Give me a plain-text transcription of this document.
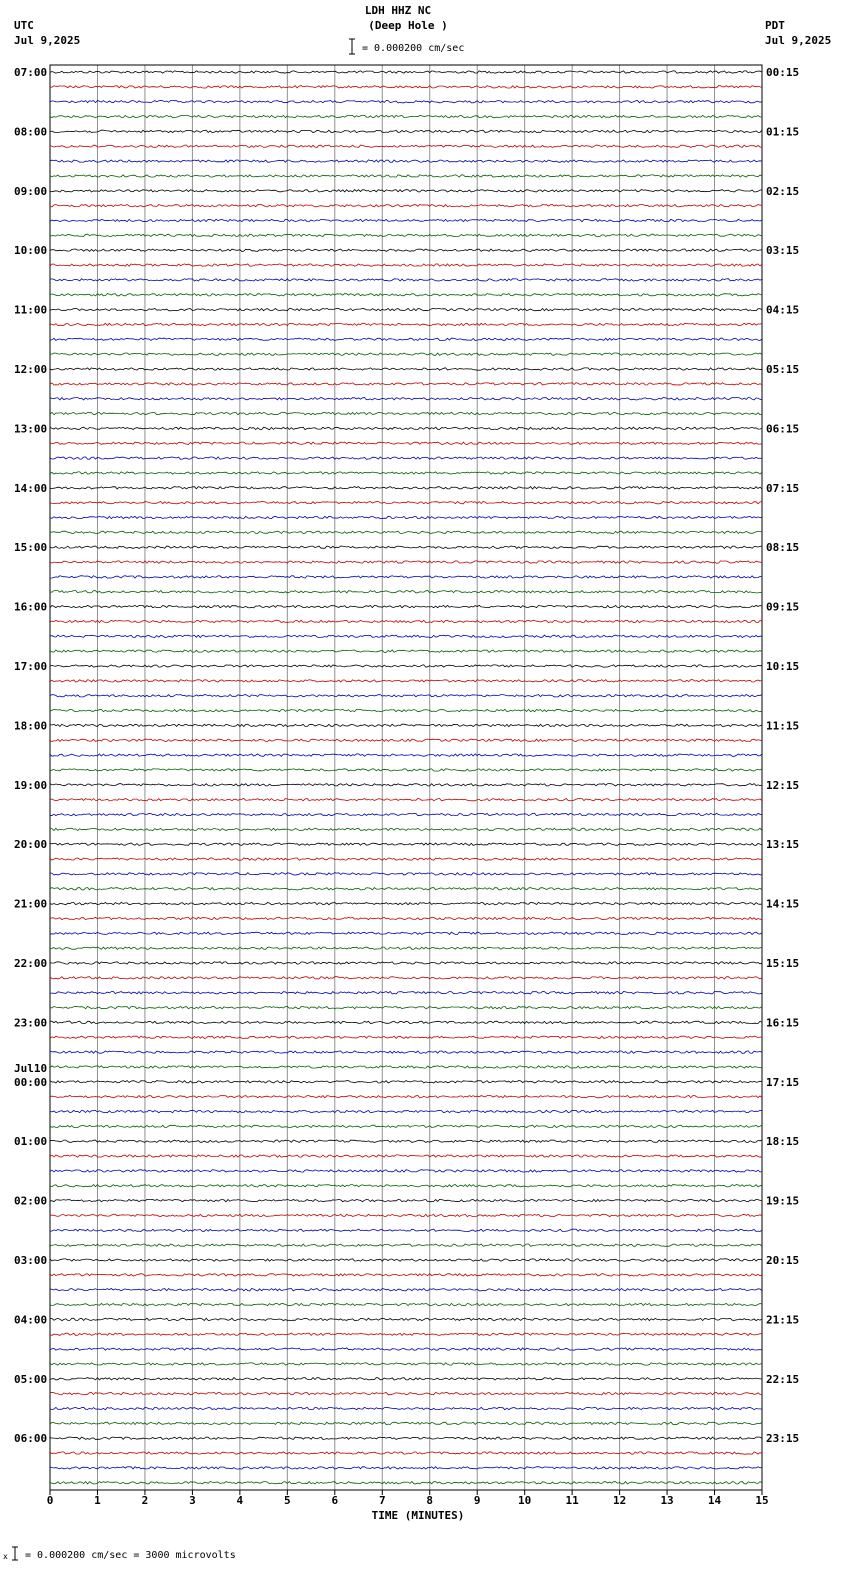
LDH HHZ NC
(Deep Hole )
UTC
Jul 9,2025
PDT
Jul 9,2025
= 0.000200 cm/sec
07:00
08:00
09:00
10:00
11:00
12:00
13:00
14:00
15:00
16:00
17:00
18:00
19:00
20:00
21:00
22:00
23:00
00:00
01:00
02:00
03:00
04:00
05:00
06:00
Jul10
00:15
01:15
02:15
03:15
04:15
05:15
06:15
07:15
08:15
09:15
10:15
11:15
12:15
13:15
14:15
15:15
16:15
17:15
18:15
19:15
20:15
21:15
22:15
23:15
0	1	2	3	4	5	6	7	8	9	10	11	12	13	14	15
TIME (MINUTES)
x = 0.000200 cm/sec = 3000 microvolts
